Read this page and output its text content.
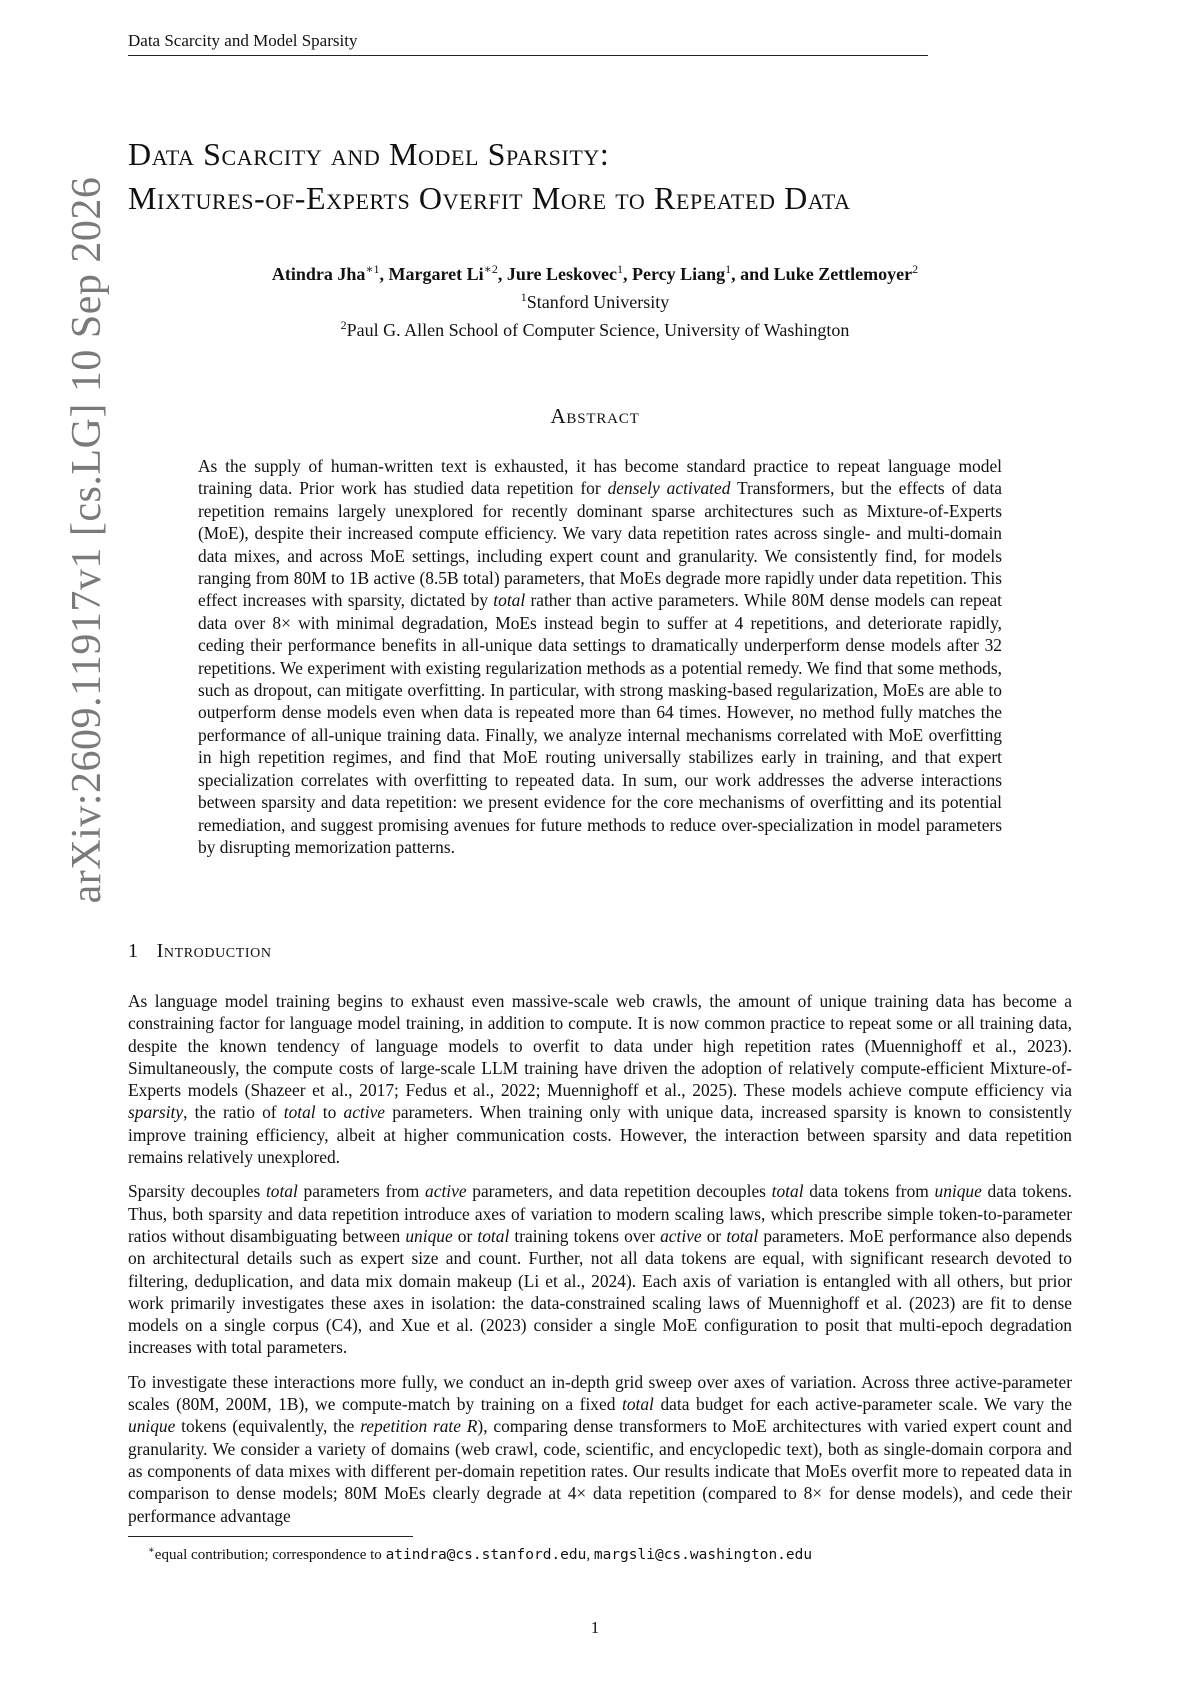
Data Scarcity and Model Sparsity
arXiv:2609.11917v1 [cs.LG] 10 Sep 2026
Data Scarcity and Model Sparsity:
Mixtures-of-Experts Overfit More to Repeated Data
Atindra Jha$^{∗1}$, Margaret $Li^{∗2}$, Jure Leskovec$^1$, Percy Liang$^1$, and Luke Zettlemoyer$^2$
$^1$Stanford University
$^2$Paul G. Allen School of Computer Science, University of Washington
Abstract

As the supply of human-written text is exhausted, it has become standard practice to repeat language model training data. Prior work has studied data repetition for densely activated Transformers, but the effects of data repetition remains largely unexplored for recently dominant sparse architectures such as Mixture-of-Experts (MoE), despite their increased compute efficiency. We vary data repetition rates across single- and multi-domain data mixes, and across MoE settings, including expert count and granularity. We consistently find, for models ranging from 80M to 1B active (8.5B total) parameters, that MoEs degrade more rapidly under data repetition. This effect increases with sparsity, dictated by total rather than active parameters. While 80M dense models can repeat data over 8× with minimal degradation, MoEs instead begin to suffer at 4 repetitions, and deteriorate rapidly, ceding their performance benefits in all-unique data settings to dramatically underperform dense models after 32 repetitions. We experiment with existing regularization methods as a potential remedy. We find that some methods, such as dropout, can mitigate overfitting. In particular, with strong masking-based regularization, MoEs are able to outperform dense models even when data is repeated more than 64 times. However, no method fully matches the performance of all-unique training data. Finally, we analyze internal mechanisms correlated with MoE overfitting in high repetition regimes, and find that MoE routing universally stabilizes early in training, and that expert specialization correlates with overfitting to repeated data. In sum, our work addresses the adverse interactions between sparsity and data repetition: we present evidence for the core mechanisms of overfitting and its potential remediation, and suggest promising avenues for future methods to reduce over-specialization in model parameters by disrupting memorization patterns.

1 Introduction

As language model training begins to exhaust even massive-scale web crawls, the amount of unique training data has become a constraining factor for language model training, in addition to compute. It is now common practice to repeat some or all training data, despite the known tendency of language models to overfit to data under high repetition rates (Muennighoff et al., 2023). Simultaneously, the compute costs of large-scale LLM training have driven the adoption of relatively compute-efficient Mixture-of-Experts models (Shazeer et al., 2017; Fedus et al., 2022; Muennighoff et al., 2025). These models achieve compute efficiency via sparsity, the ratio of total to active parameters. When training only with unique data, increased sparsity is known to consistently improve training efficiency, albeit at higher communication costs. However, the interaction between sparsity and data repetition remains relatively unexplored.

Sparsity decouples total parameters from active parameters, and data repetition decouples total data tokens from unique data tokens. Thus, both sparsity and data repetition introduce axes of variation to modern scaling laws, which prescribe simple token-to-parameter ratios without disambiguating between unique or total training tokens over active or total parameters. MoE performance also depends on architectural details such as expert size and count. Further, not all data tokens are equal, with significant research devoted to filtering, deduplication, and data mix domain makeup (Li et al., 2024). Each axis of variation is entangled with all others, but prior work primarily investigates these axes in isolation: the data-constrained scaling laws of Muennighoff et al. (2023) are fit to dense models on a single corpus (C4), and Xue et al. (2023) consider a single MoE configuration to posit that multi-epoch degradation increases with total parameters.

To investigate these interactions more fully, we conduct an in-depth grid sweep over axes of variation. Across three active-parameter scales (80M, 200M, 1B), we compute-match by training on a fixed total data budget for each active-parameter scale. We vary the unique tokens (equivalently, the repetition rate R), comparing dense transformers to MoE architectures with varied expert count and granularity. We consider a variety of domains (web crawl, code, scientific, and encyclopedic text), both as single-domain corpora and as components of data mixes with different per-domain repetition rates. Our results indicate that MoEs overfit more to repeated data in comparison to dense models; 80M MoEs clearly degrade at 4× data repetition (compared to 8× for dense models), and cede their performance advantage

∗equal contribution; correspondence to atindra@cs.stanford.edu, margsli@cs.washington.edu
1
